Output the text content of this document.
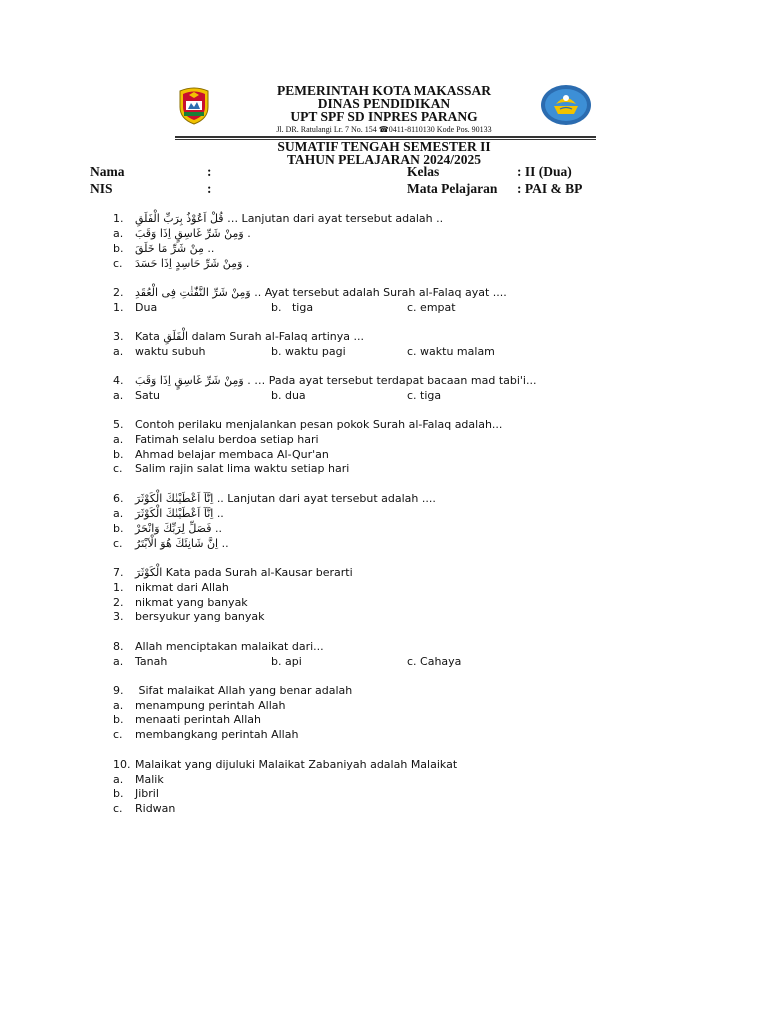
PEMERINTAH KOTA MAKASSAR
DINAS PENDIDIKAN
UPT SPF SD INPRES PARANG
Jl. DR. Ratulangi Lr. 7 No. 154 ☎0411-8110130 Kode Pos. 90133
SUMATIF TENGAH SEMESTER II
TAHUN PELAJARAN 2024/2025
Nama	:	Kelas	: II (Dua)
NIS	:	Mata Pelajaran : PAI & BP
1. قُلْ اَعُوْذُ بِرَبِّ الْفَلَقِ … Lanjutan dari ayat tersebut adalah ..
a. وَمِنْ شَرِّ غَاسِقٍ اِذَا وَقَبَ .
b. مِنْ شَرِّ مَا خَلَقَ ..
c. وَمِنْ شَرِّ حَاسِدٍ اِذَا حَسَدَ .
2. وَمِنْ شَرِّ النَّفّٰثٰتِ فِى الْعُقَدِ .. Ayat tersebut adalah Surah al-Falaq ayat ....
1. Dua	b. tiga	c. empat
3. Kata الْفَلَقِ dalam Surah al-Falaq artinya ...
a. waktu subuh	b. waktu pagi	c. waktu malam
4. . وَمِنْ شَرِّ غَاسِقٍ اِذَا وَقَبَ … Pada ayat tersebut terdapat bacaan mad tabi'i...
a. Satu	b. dua	c. tiga
5. Contoh perilaku menjalankan pesan pokok Surah al-Falaq adalah...
a. Fatimah selalu berdoa setiap hari
b. Ahmad belajar membaca Al-Qur'an
c. Salim rajin salat lima waktu setiap hari
6. اِنَّآ اَعْطَيْنٰكَ الْكَوْثَرَ .. Lanjutan dari ayat tersebut adalah ....
a. اِنَّآ اَعْطَيْنٰكَ الْكَوْثَرَ ..
b. فَصَلِّ لِرَبِّكَ وَانْحَرْ ..
c. اِنَّ شَانِئَكَ هُوَ الْاَبْتَرُ ..
7. الْكَوْثَرَ Kata pada Surah al-Kausar berarti
1. nikmat dari Allah
2. nikmat yang banyak
3. bersyukur yang banyak
8. Allah menciptakan malaikat dari...
a. Tanah	b. api	c. Cahaya
9. Sifat malaikat Allah yang benar adalah
a. menampung perintah Allah
b. menaati perintah Allah
c. membangkang perintah Allah
10. Malaikat yang dijuluki Malaikat Zabaniyah adalah Malaikat
a. Malik
b. Jibril
c. Ridwan
